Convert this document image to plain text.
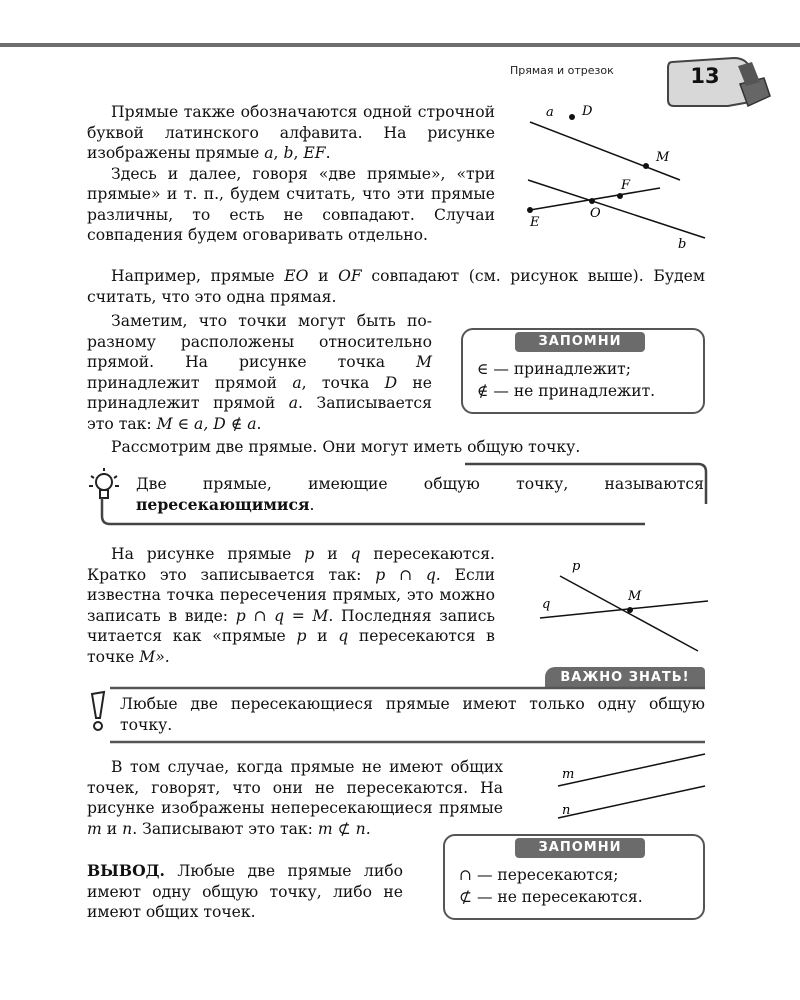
Прямая и отрезок	13

Прямые также обозначаются одной строчной буквой латинского алфавита. На рисунке изображены прямые a, b, EF.

Здесь и далее, говоря «две прямые», «три прямые» и т. п., будем считать, что эти прямые различны, то есть не совпадают. Случаи совпадения будем оговаривать отдельно.

a D
M
F
E
O
b

Например, прямые EO и OF совпадают (см. рисунок выше). Будем считать, что это одна прямая.

Заметим, что точки могут быть по-разному расположены относительно прямой. На рисунке точка M принадлежит прямой a, точка D не принадлежит прямой a. Записывается это так: M ∈ a, D ∉ a.

ЗАПОМНИ
∈ — принадлежит;
∉ — не принадлежит.

Рассмотрим две прямые. Они могут иметь общую точку.

Две прямые, имеющие общую точку, называются пересекающимися.

На рисунке прямые p и q пересекаются. Кратко это записывается так: p ∩ q. Если известна точка пересечения прямых, это можно записать в виде: p ∩ q = M. Последняя запись читается как «прямые p и q пересекаются в точке M».

p
q
M
ВАЖНО ЗНАТЬ!

Любые две пересекающиеся прямые имеют только одну общую точку.

В том случае, когда прямые не имеют общих точек, говорят, что они не пересекаются. На рисунке изображены непересекающиеся прямые m и n. Записывают это так: m ⊄ n.

ВЫВОД. Любые две прямые либо имеют одну общую точку, либо не имеют общих точек.

m
n
ЗАПОМНИ
∩ — пересекаются;
⊄ — не пересекаются.
